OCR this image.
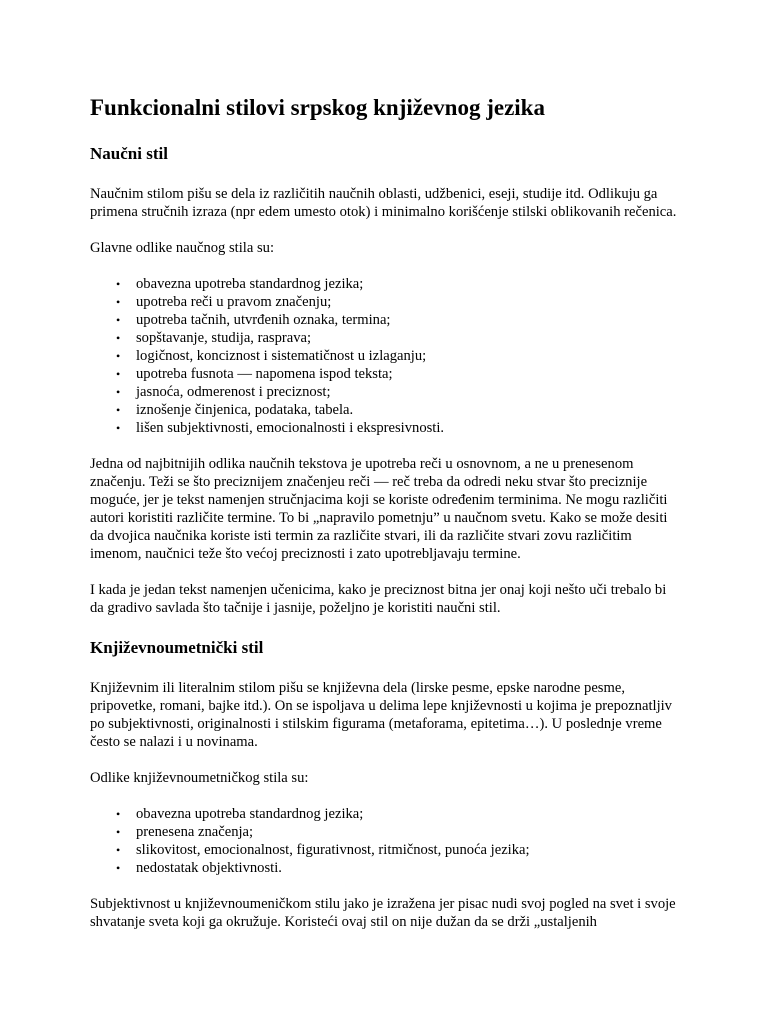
Funkcionalni stilovi srpskog književnog jezika
Naučni stil

Naučnim stilom pišu se dela iz različitih naučnih oblasti, udžbenici, eseji, studije itd. Odlikuju ga primena stručnih izraza (npr edem umesto otok) i minimalno korišćenje stilski oblikovanih rečenica.

Glavne odlike naučnog stila su:

• obavezna upotreba standardnog jezika;
• upotreba reči u pravom značenju;
• upotreba tačnih, utvrđenih oznaka, termina;
• sopštavanje, studija, rasprava;
• logičnost, konciznost i sistematičnost u izlaganju;
• upotreba fusnota — napomena ispod teksta;
• jasnoća, odmerenost i preciznost;
• iznošenje činjenica, podataka, tabela.
• lišen subjektivnosti, emocionalnosti i ekspresivnosti.

Jedna od najbitnijih odlika naučnih tekstova je upotreba reči u osnovnom, a ne u prenesenom značenju. Teži se što preciznijem značenjeu reči — reč treba da odredi neku stvar što preciznije moguće, jer je tekst namenjen stručnjacima koji se koriste određenim terminima. Ne mogu različiti autori koristiti različite termine. To bi „napravilo pometnju” u naučnom svetu. Kako se može desiti da dvojica naučnika koriste isti termin za različite stvari, ili da različite stvari zovu različitim imenom, naučnici teže što većoj preciznosti i zato upotrebljavaju termine.

I kada je jedan tekst namenjen učenicima, kako je preciznost bitna jer onaj koji nešto uči trebalo bi da gradivo savlada što tačnije i jasnije, poželjno je koristiti naučni stil.

Književnoumetnički stil

Književnim ili literalnim stilom pišu se književna dela (lirske pesme, epske narodne pesme, pripovetke, romani, bajke itd.). On se ispoljava u delima lepe književnosti u kojima je prepoznatljiv po subjektivnosti, originalnosti i stilskim figurama (metaforama, epitetima…). U poslednje vreme često se nalazi i u novinama.

Odlike književnoumetničkog stila su:

• obavezna upotreba standardnog jezika;
• prenesena značenja;
• slikovitost, emocionalnost, figurativnost, ritmičnost, punoća jezika;
• nedostatak objektivnosti.

Subjektivnost u književnoumeničkom stilu jako je izražena jer pisac nudi svoj pogled na svet i svoje shvatanje sveta koji ga okružuje. Koristeći ovaj stil on nije dužan da se drži „ustaljenih
